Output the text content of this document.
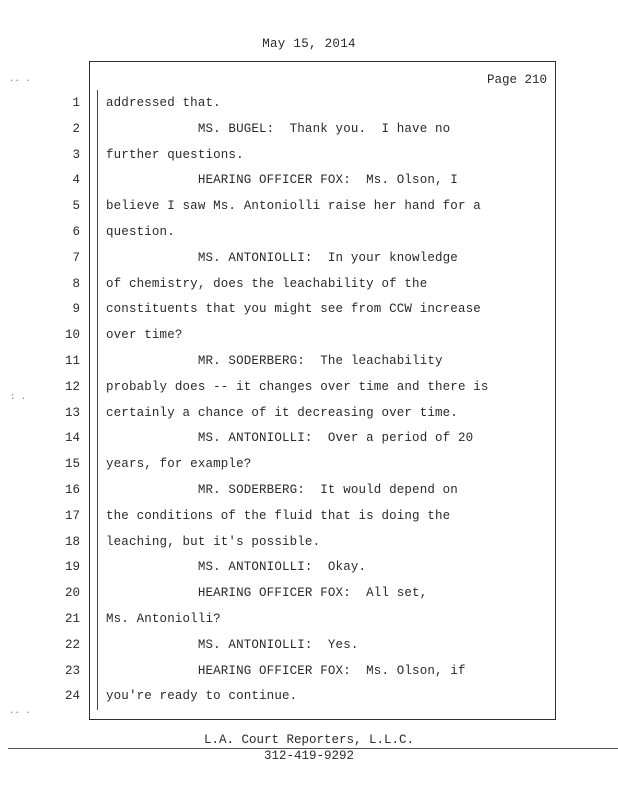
May 15, 2014
Page 210
1 addressed that.
2 MS. BUGEL:  Thank you.  I have no
3 further questions.
4 HEARING OFFICER FOX:  Ms. Olson, I
5 believe I saw Ms. Antoniolli raise her hand for a
6 question.
7 MS. ANTONIOLLI:  In your knowledge
8 of chemistry, does the leachability of the
9 constituents that you might see from CCW increase
10 over time?
11 MR. SODERBERG:  The leachability
12 probably does -- it changes over time and there is
13 certainly a chance of it decreasing over time.
14 MS. ANTONIOLLI:  Over a period of 20
15 years, for example?
16 MR. SODERBERG:  It would depend on
17 the conditions of the fluid that is doing the
18 leaching, but it's possible.
19 MS. ANTONIOLLI:  Okay.
20 HEARING OFFICER FOX:  All set,
21 Ms. Antoniolli?
22 MS. ANTONIOLLI:  Yes.
23 HEARING OFFICER FOX:  Ms. Olson, if
24 you're ready to continue.
L.A. Court Reporters, L.L.C.
312-419-9292
.. .
: .
.. .
